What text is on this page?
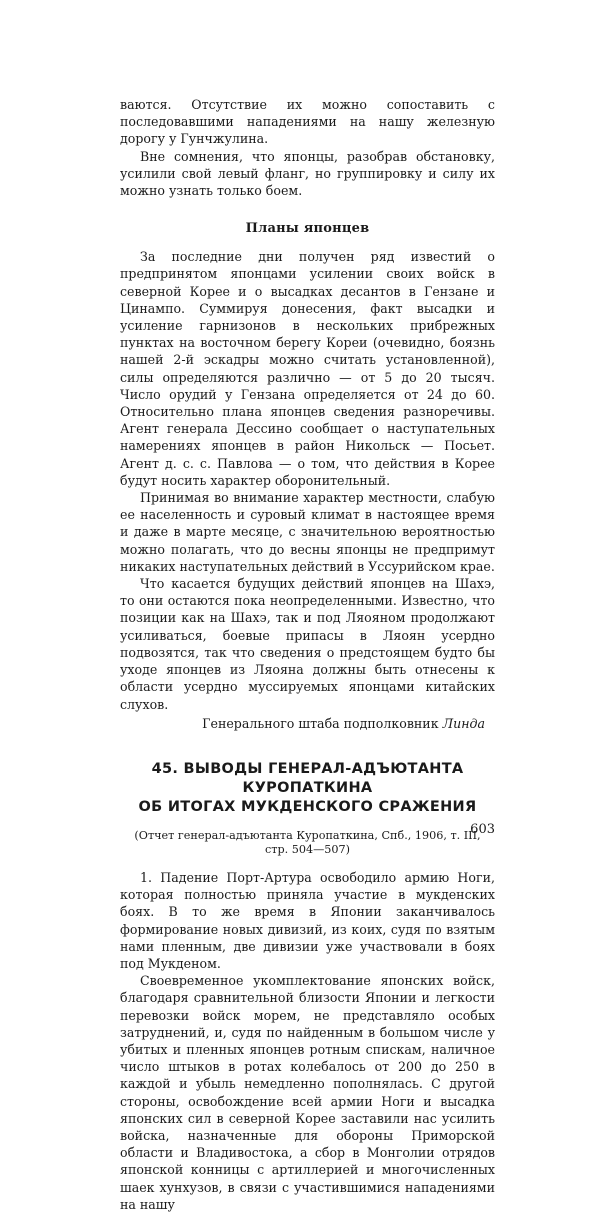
ваются. Отсутствие их можно сопоставить с последовавшими нападениями на нашу железную дорогу у Гунчжулина.

Вне сомнения, что японцы, разобрав обстановку, усилили свой левый фланг, но группировку и силу их можно узнать только боем.

Планы японцев

За последние дни получен ряд известий о предпринятом японцами усилении своих войск в северной Корее и о высадках десантов в Гензане и Цинампо. Суммируя донесения, факт высадки и усиление гарнизонов в нескольких прибрежных пунктах на восточном берегу Кореи (очевидно, боязнь нашей 2-й эскадры можно считать установленной), силы определяются различно — от 5 до 20 тысяч. Число орудий у Гензана определяется от 24 до 60. Относительно плана японцев сведения разноречивы. Агент генерала Дессино сообщает о наступательных намерениях японцев в район Никольск — Посьет. Агент д. с. с. Павлова — о том, что действия в Корее будут носить характер оборонительный.

Принимая во внимание характер местности, слабую ее населенность и суровый климат в настоящее время и даже в марте месяце, с значительною вероятностью можно полагать, что до весны японцы не предпримут никаких наступательных действий в Уссурийском крае.

Что касается будущих действий японцев на Шахэ, то они остаются пока неопределенными. Известно, что позиции как на Шахэ, так и под Ляояном продолжают усиливаться, боевые припасы в Ляоян усердно подвозятся, так что сведения о предстоящем будто бы уходе японцев из Ляояна должны быть отнесены к области усердно муссируемых японцами китайских слухов.

Генерального штаба подполковник Линда
45. ВЫВОДЫ ГЕНЕРАЛ-АДЪЮТАНТА КУРОПАТКИНА
ОБ ИТОГАХ МУКДЕНСКОГО СРАЖЕНИЯ
(Отчет генерал-адъютанта Куропаткина, Спб., 1906, т. III,
стр. 504—507)

1. Падение Порт-Артура освободило армию Ноги, которая полностью приняла участие в мукденских боях. В то же время в Японии заканчивалось формирование новых дивизий, из коих, судя по взятым нами пленным, две дивизии уже участвовали в боях под Мукденом.

Своевременное укомплектование японских войск, благодаря сравнительной близости Японии и легкости перевозки войск морем, не представляло особых затруднений, и, судя по найденным в большом числе у убитых и пленных японцев ротным спискам, наличное число штыков в ротах колебалось от 200 до 250 в каждой и убыль немедленно пополнялась. С другой стороны, освобождение всей армии Ноги и высадка японских сил в северной Корее заставили нас усилить войска, назначенные для обороны Приморской области и Владивостока, а сбор в Монголии отрядов японской конницы с артиллерией и многочисленных шаек хунхузов, в связи с участившимися нападениями на нашу

603
